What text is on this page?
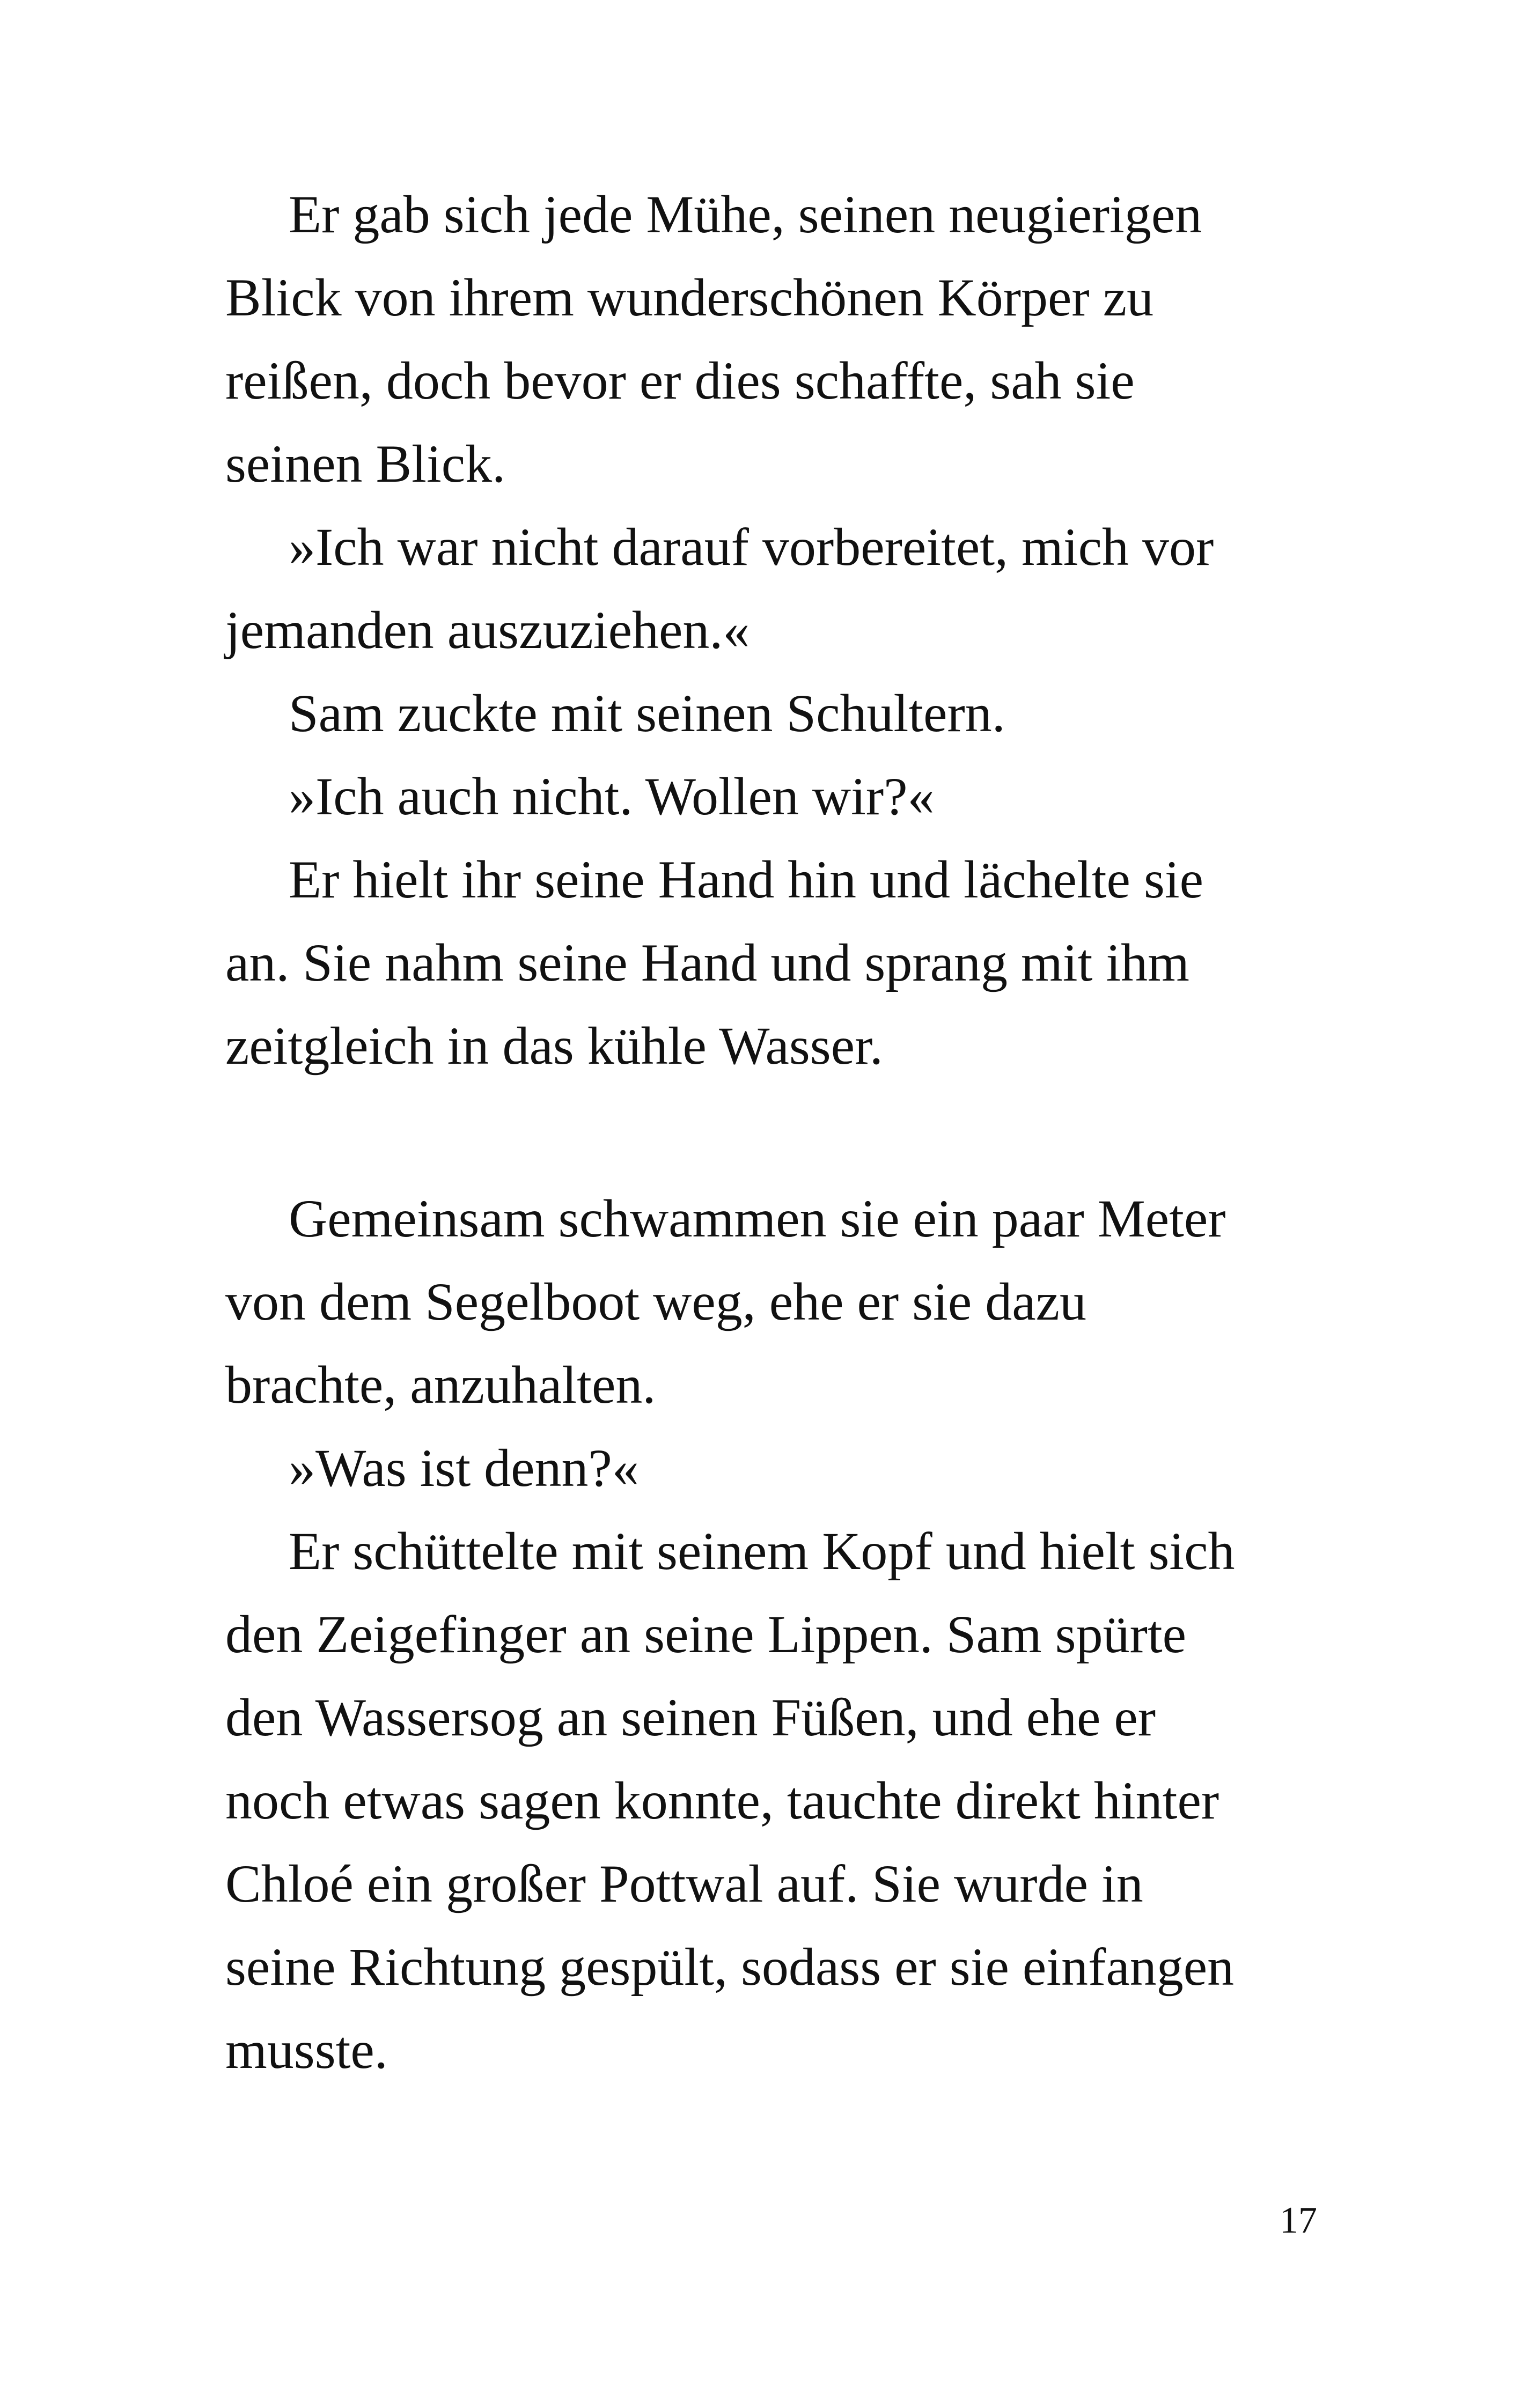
Er gab sich jede Mühe, seinen neugierigen
Blick von ihrem wunderschönen Körper zu
reißen, doch bevor er dies schaffte, sah sie
seinen Blick.
»Ich war nicht darauf vorbereitet, mich vor
jemanden auszuziehen.«
Sam zuckte mit seinen Schultern.
»Ich auch nicht. Wollen wir?«
Er hielt ihr seine Hand hin und lächelte sie
an. Sie nahm seine Hand und sprang mit ihm
zeitgleich in das kühle Wasser.
Gemeinsam schwammen sie ein paar Meter
von dem Segelboot weg, ehe er sie dazu
brachte, anzuhalten.
»Was ist denn?«
Er schüttelte mit seinem Kopf und hielt sich
den Zeigefinger an seine Lippen. Sam spürte
den Wassersog an seinen Füßen, und ehe er
noch etwas sagen konnte, tauchte direkt hinter
Chloé ein großer Pottwal auf. Sie wurde in
seine Richtung gespült, sodass er sie einfangen
musste.
17
